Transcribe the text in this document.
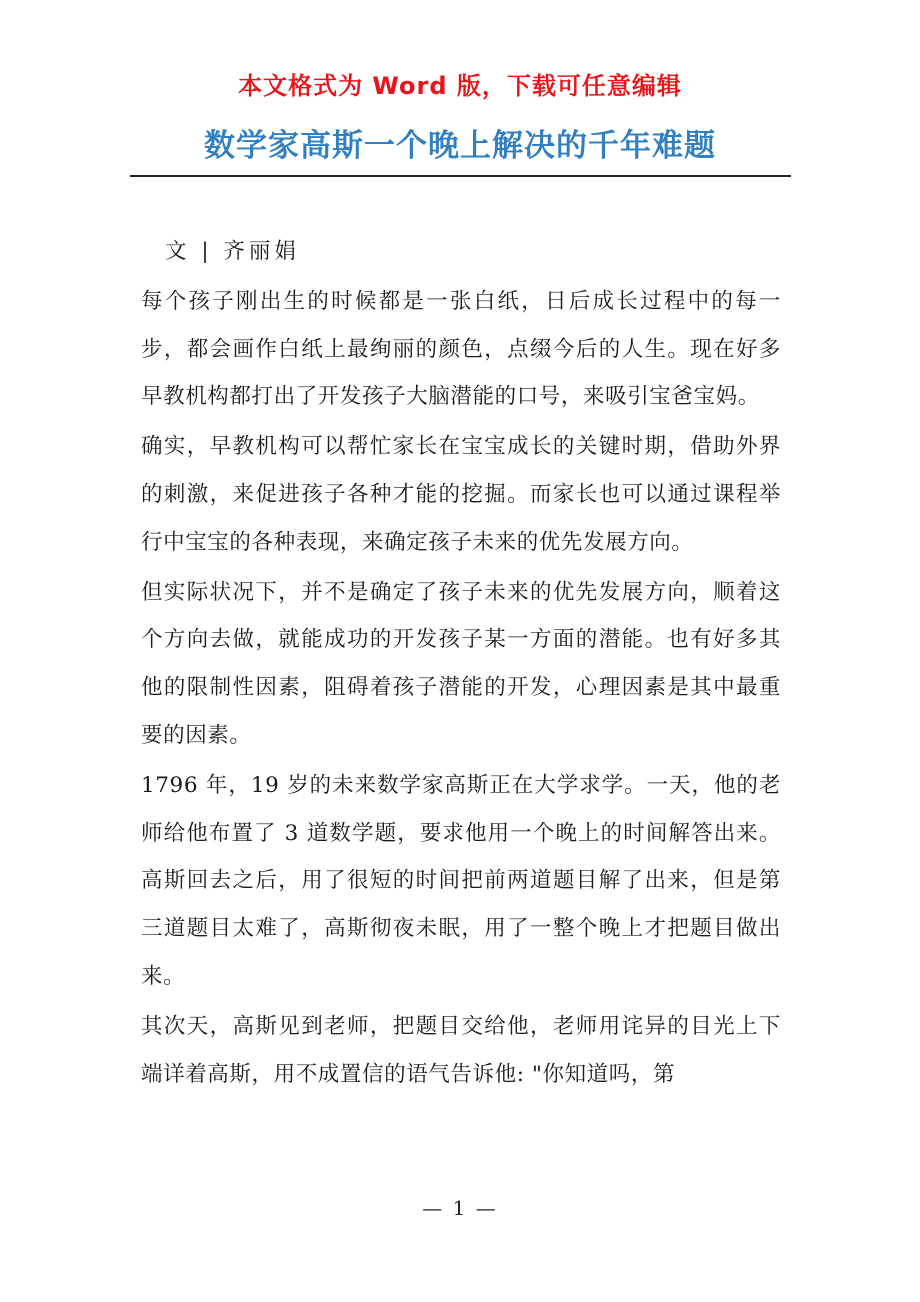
本文格式为 Word 版，下载可任意编辑
数学家高斯一个晚上解决的千年难题

文 | 齐丽娟

每个孩子刚出生的时候都是一张白纸，日后成长过程中的每一步，都会画作白纸上最绚丽的颜色，点缀今后的人生。现在好多早教机构都打出了开发孩子大脑潜能的口号，来吸引宝爸宝妈。

确实，早教机构可以帮忙家长在宝宝成长的关键时期，借助外界的刺激，来促进孩子各种才能的挖掘。而家长也可以通过课程举行中宝宝的各种表现，来确定孩子未来的优先发展方向。

但实际状况下，并不是确定了孩子未来的优先发展方向，顺着这个方向去做，就能成功的开发孩子某一方面的潜能。也有好多其他的限制性因素，阻碍着孩子潜能的开发，心理因素是其中最重要的因素。

1796 年，19 岁的未来数学家高斯正在大学求学。一天，他的老师给他布置了 3 道数学题，要求他用一个晚上的时间解答出来。高斯回去之后，用了很短的时间把前两道题目解了出来，但是第三道题目太难了，高斯彻夜未眠，用了一整个晚上才把题目做出来。

其次天，高斯见到老师，把题目交给他，老师用诧异的目光上下端详着高斯，用不成置信的语气告诉他: "你知道吗，第

— 1 —
